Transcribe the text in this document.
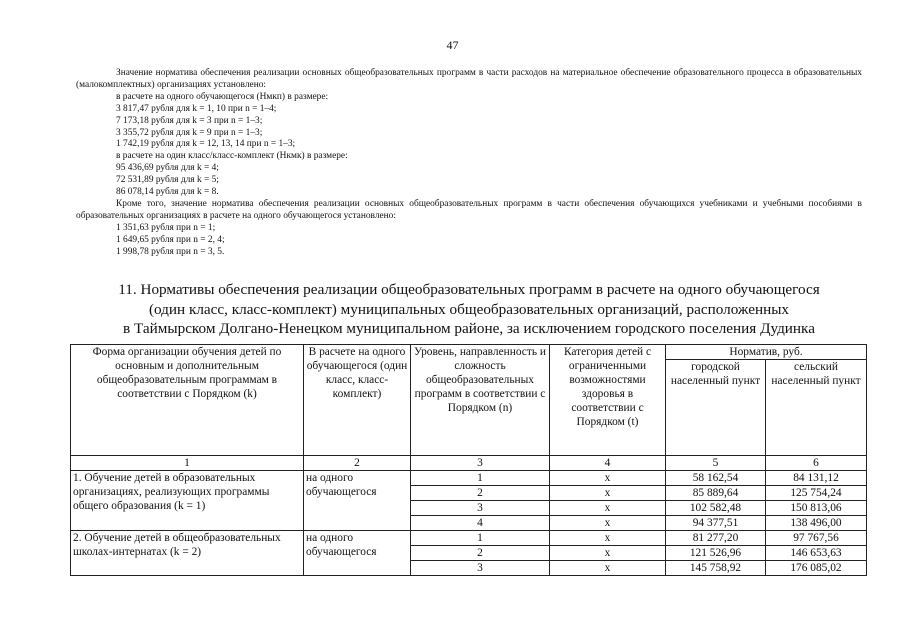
47
Значение норматива обеспечения реализации основных общеобразовательных программ в части расходов на материальное обеспечение образовательного процесса в образовательных (малокомплектных) организациях установлено:
в расчете на одного обучающегося (Нмкп) в размере:
3 817,47 рубля для k = 1, 10 при n = 1–4;
7 173,18 рубля для k = 3 при n = 1–3;
3 355,72 рубля для k = 9 при n = 1–3;
1 742,19 рубля для k = 12, 13, 14 при n = 1–3;
в расчете на один класс/класс-комплект (Нкмк) в размере:
95 436,69 рубля для k = 4;
72 531,89 рубля для k = 5;
86 078,14 рубля для k = 8.
Кроме того, значение норматива обеспечения реализации основных общеобразовательных программ в части обеспечения обучающихся учебниками и учебными пособиями в образовательных организациях в расчете на одного обучающегося установлено:
1 351,63 рубля при n = 1;
1 649,65 рубля при n = 2, 4;
1 998,78 рубля при n = 3, 5.
11. Нормативы обеспечения реализации общеобразовательных программ в расчете на одного обучающегося
(один класс, класс-комплект) муниципальных общеобразовательных организаций, расположенных
в Таймырском Долгано-Ненецком муниципальном районе, за исключением городского поселения Дудинка
Форма организации обучения детей по основным и дополнительным общеобразовательным программам в соответствии с Порядком (k)	В расчете на одного обучающегося (один класс, класс-комплект)	Уровень, направленность и сложность общеобразовательных программ в соответствии с Порядком (n)	Категория детей с ограниченными возможностями здоровья в соответствии с Порядком (t)	Норматив, руб.	
				городской населенный пункт	сельский населенный пункт
1	2	3	4	5	6
1. Обучение детей в образовательных организациях, реализующих программы общего образования (k = 1)	на одного обучающегося	1	x	58 162,54	84 131,12
		2	x	85 889,64	125 754,24
		3	x	102 582,48	150 813,06
		4	x	94 377,51	138 496,00
2. Обучение детей в общеобразовательных школах-интернатах (k = 2)	на одного обучающегося	1	x	81 277,20	97 767,56
		2	x	121 526,96	146 653,63
		3	x	145 758,92	176 085,02
